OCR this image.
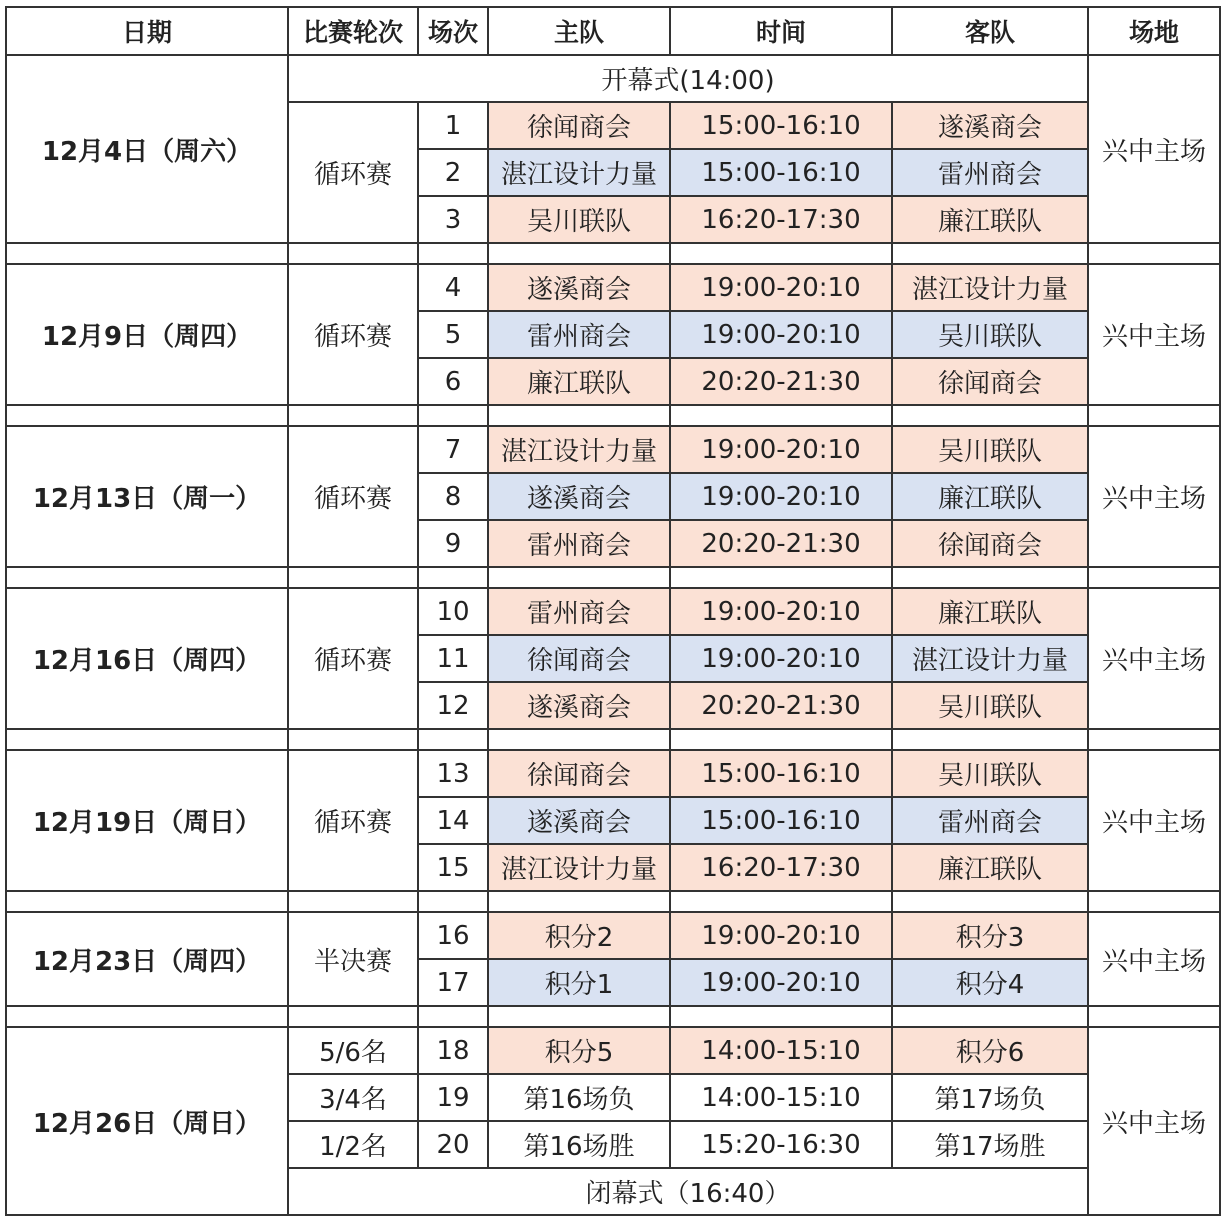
日期	比赛轮次	场次	主队	时间	客队	场地
12月4日（周六）	开幕式(14:00)					兴中主场
	循环赛	1	徐闻商会	15:00-16:10	遂溪商会	
		2	湛江设计力量	15:00-16:10	雷州商会	
		3	吴川联队	16:20-17:30	廉江联队	

12月9日（周四）	循环赛	4	遂溪商会	19:00-20:10	湛江设计力量	兴中主场
		5	雷州商会	19:00-20:10	吴川联队	
		6	廉江联队	20:20-21:30	徐闻商会	

12月13日（周一）	循环赛	7	湛江设计力量	19:00-20:10	吴川联队	兴中主场
		8	遂溪商会	19:00-20:10	廉江联队	
		9	雷州商会	20:20-21:30	徐闻商会	

12月16日（周四）	循环赛	10	雷州商会	19:00-20:10	廉江联队	兴中主场
		11	徐闻商会	19:00-20:10	湛江设计力量	
		12	遂溪商会	20:20-21:30	吴川联队	

12月19日（周日）	循环赛	13	徐闻商会	15:00-16:10	吴川联队	兴中主场
		14	遂溪商会	15:00-16:10	雷州商会	
		15	湛江设计力量	16:20-17:30	廉江联队	

12月23日（周四）	半决赛	16	积分2	19:00-20:10	积分3	兴中主场
		17	积分1	19:00-20:10	积分4	

12月26日（周日）	5/6名	18	积分5	14:00-15:10	积分6	兴中主场
	3/4名	19	第16场负	14:00-15:10	第17场负	
	1/2名	20	第16场胜	15:20-16:30	第17场胜	
	闭幕式（16:40）					
